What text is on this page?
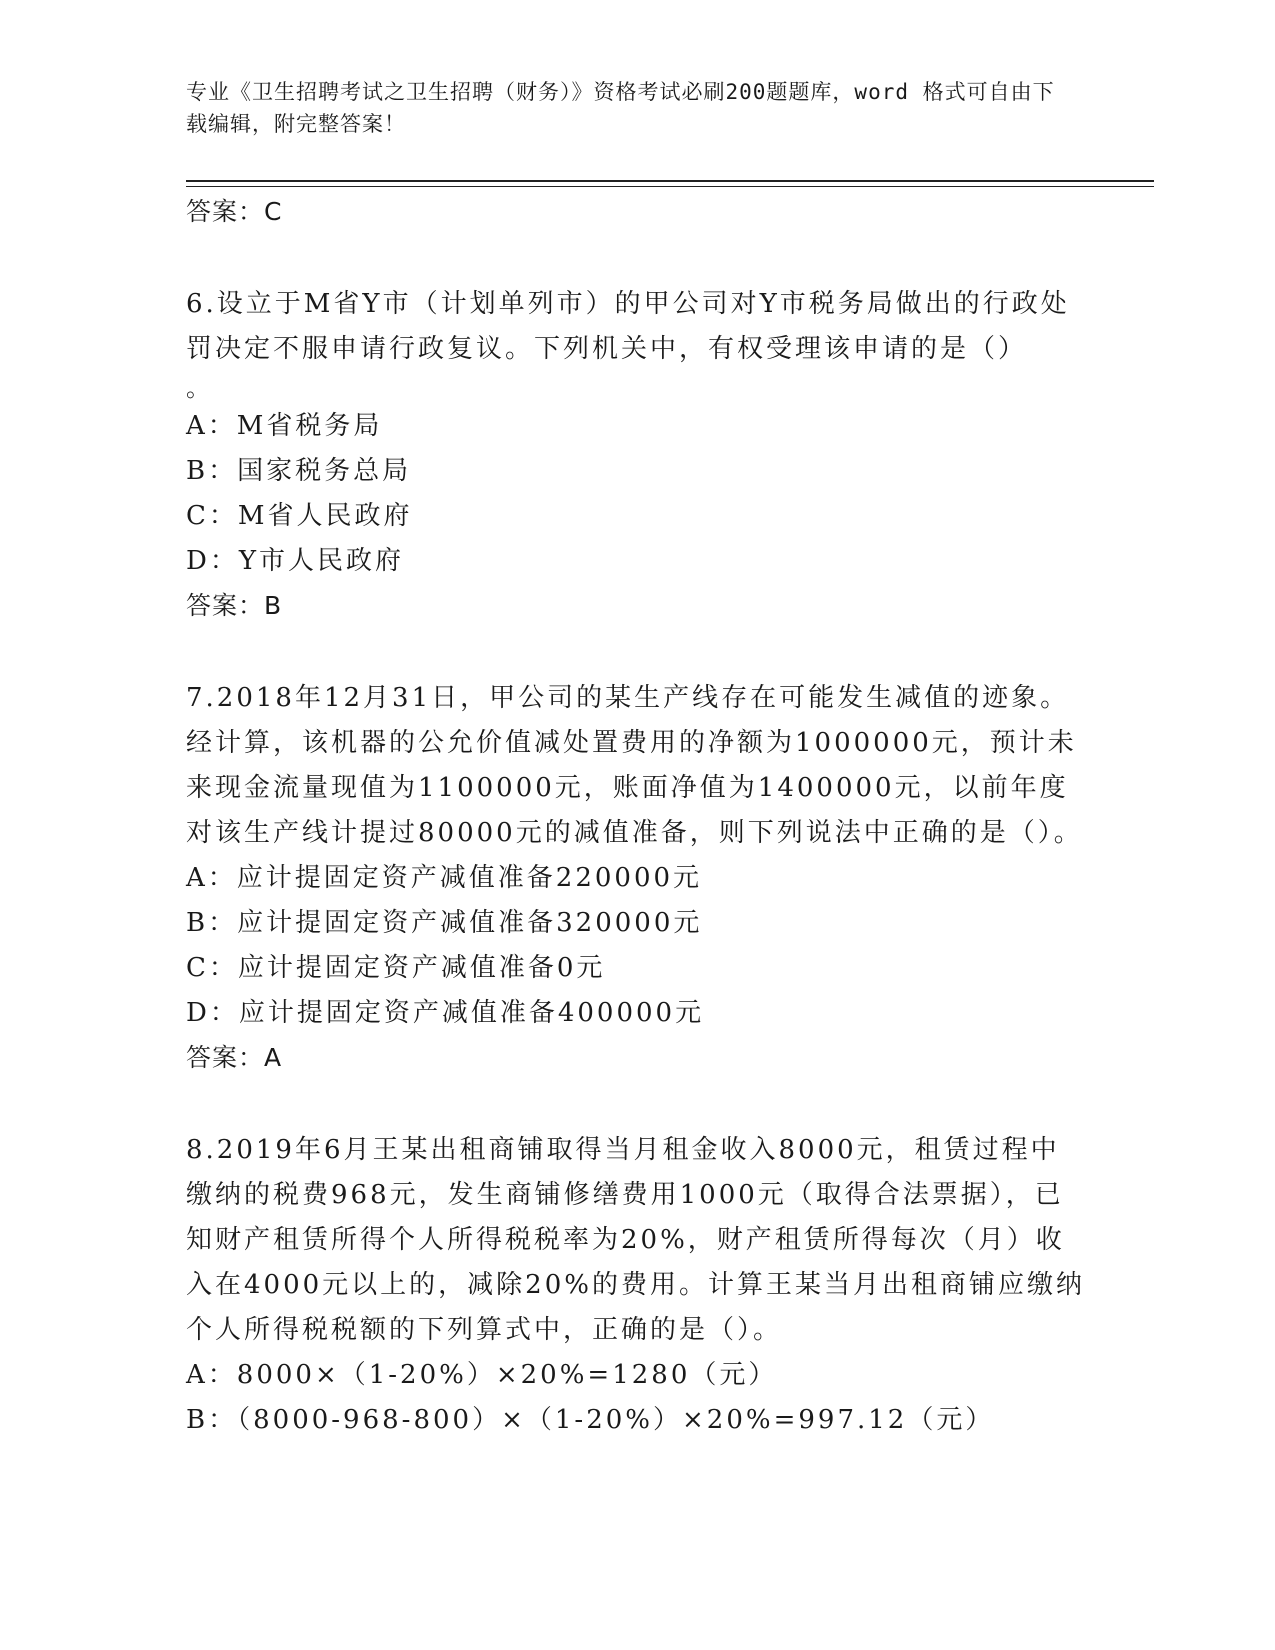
专业《卫生招聘考试之卫生招聘（财务）》资格考试必刷200题题库，word 格式可自由下载编辑，附完整答案！
答案：C
6.设立于M省Y市（计划单列市）的甲公司对Y市税务局做出的行政处罚决定不服申请行政复议。下列机关中，有权受理该申请的是（）
。
A：M省税务局
B：国家税务总局
C：M省人民政府
D：Y市人民政府
答案：B
7.2018年12月31日，甲公司的某生产线存在可能发生减值的迹象。经计算，该机器的公允价值减处置费用的净额为1000000元，预计未来现金流量现值为1100000元，账面净值为1400000元，以前年度对该生产线计提过80000元的减值准备，则下列说法中正确的是（）。
A：应计提固定资产减值准备220000元
B：应计提固定资产减值准备320000元
C：应计提固定资产减值准备0元
D：应计提固定资产减值准备400000元
答案：A
8.2019年6月王某出租商铺取得当月租金收入8000元，租赁过程中缴纳的税费968元，发生商铺修缮费用1000元（取得合法票据），已知财产租赁所得个人所得税税率为20%，财产租赁所得每次（月）收入在4000元以上的，减除20%的费用。计算王某当月出租商铺应缴纳个人所得税税额的下列算式中，正确的是（）。
A：8000×（1-20%）×20%=1280（元）
B：（8000-968-800）×（1-20%）×20%=997.12（元）
